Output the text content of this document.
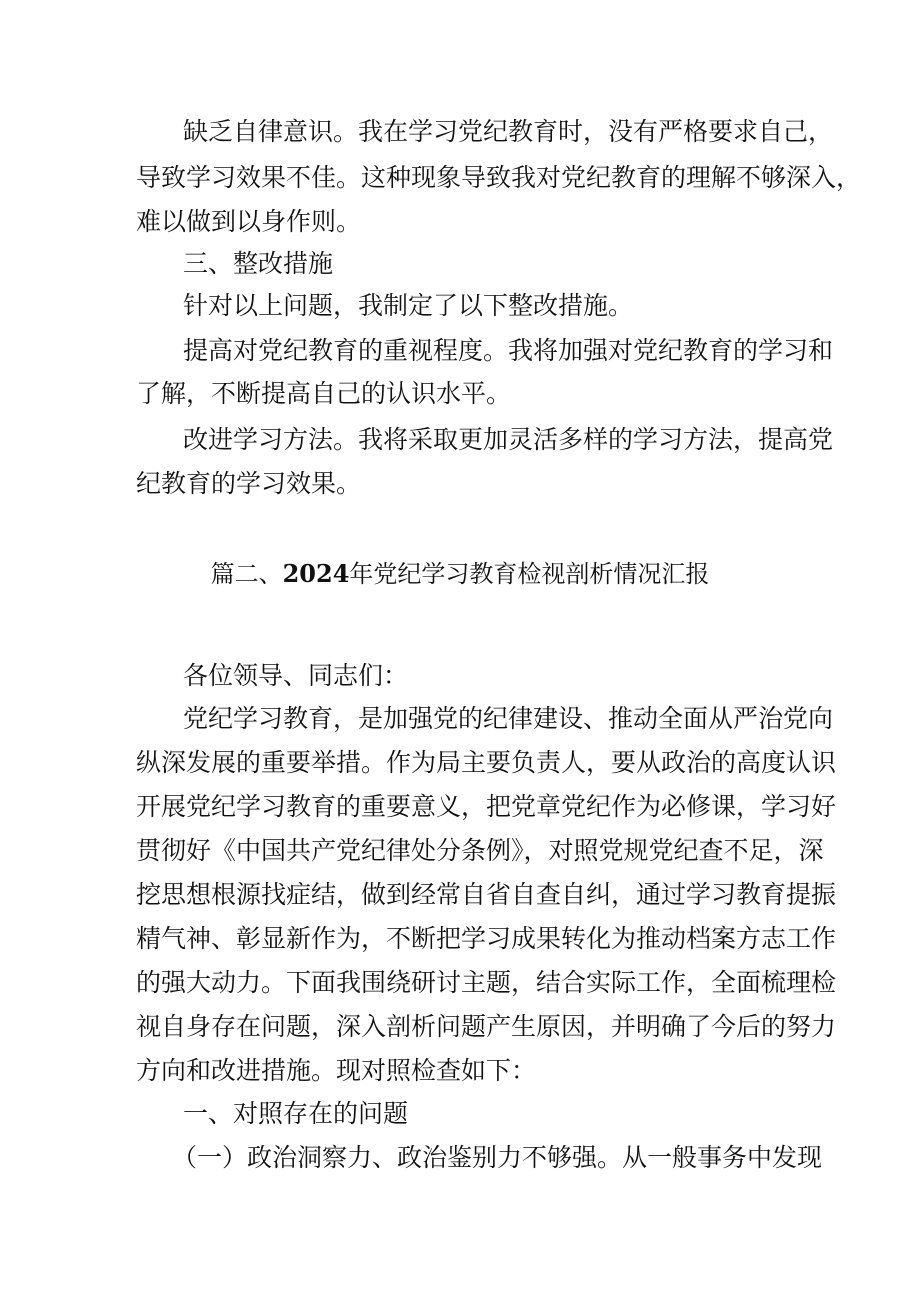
缺乏自律意识。我在学习党纪教育时，没有严格要求自己，
导致学习效果不佳。这种现象导致我对党纪教育的理解不够深入，
难以做到以身作则。
三、整改措施
针对以上问题，我制定了以下整改措施。
提高对党纪教育的重视程度。我将加强对党纪教育的学习和
了解，不断提高自己的认识水平。
改进学习方法。我将采取更加灵活多样的学习方法，提高党
纪教育的学习效果。
篇二、2024年党纪学习教育检视剖析情况汇报
各位领导、同志们：
党纪学习教育，是加强党的纪律建设、推动全面从严治党向
纵深发展的重要举措。作为局主要负责人，要从政治的高度认识
开展党纪学习教育的重要意义，把党章党纪作为必修课，学习好
贯彻好《中国共产党纪律处分条例》，对照党规党纪查不足，深
挖思想根源找症结，做到经常自省自查自纠，通过学习教育提振
精气神、彰显新作为，不断把学习成果转化为推动档案方志工作
的强大动力。下面我围绕研讨主题，结合实际工作，全面梳理检
视自身存在问题，深入剖析问题产生原因，并明确了今后的努力
方向和改进措施。现对照检查如下：
一、对照存在的问题
（一）政治洞察力、政治鉴别力不够强。从一般事务中发现
